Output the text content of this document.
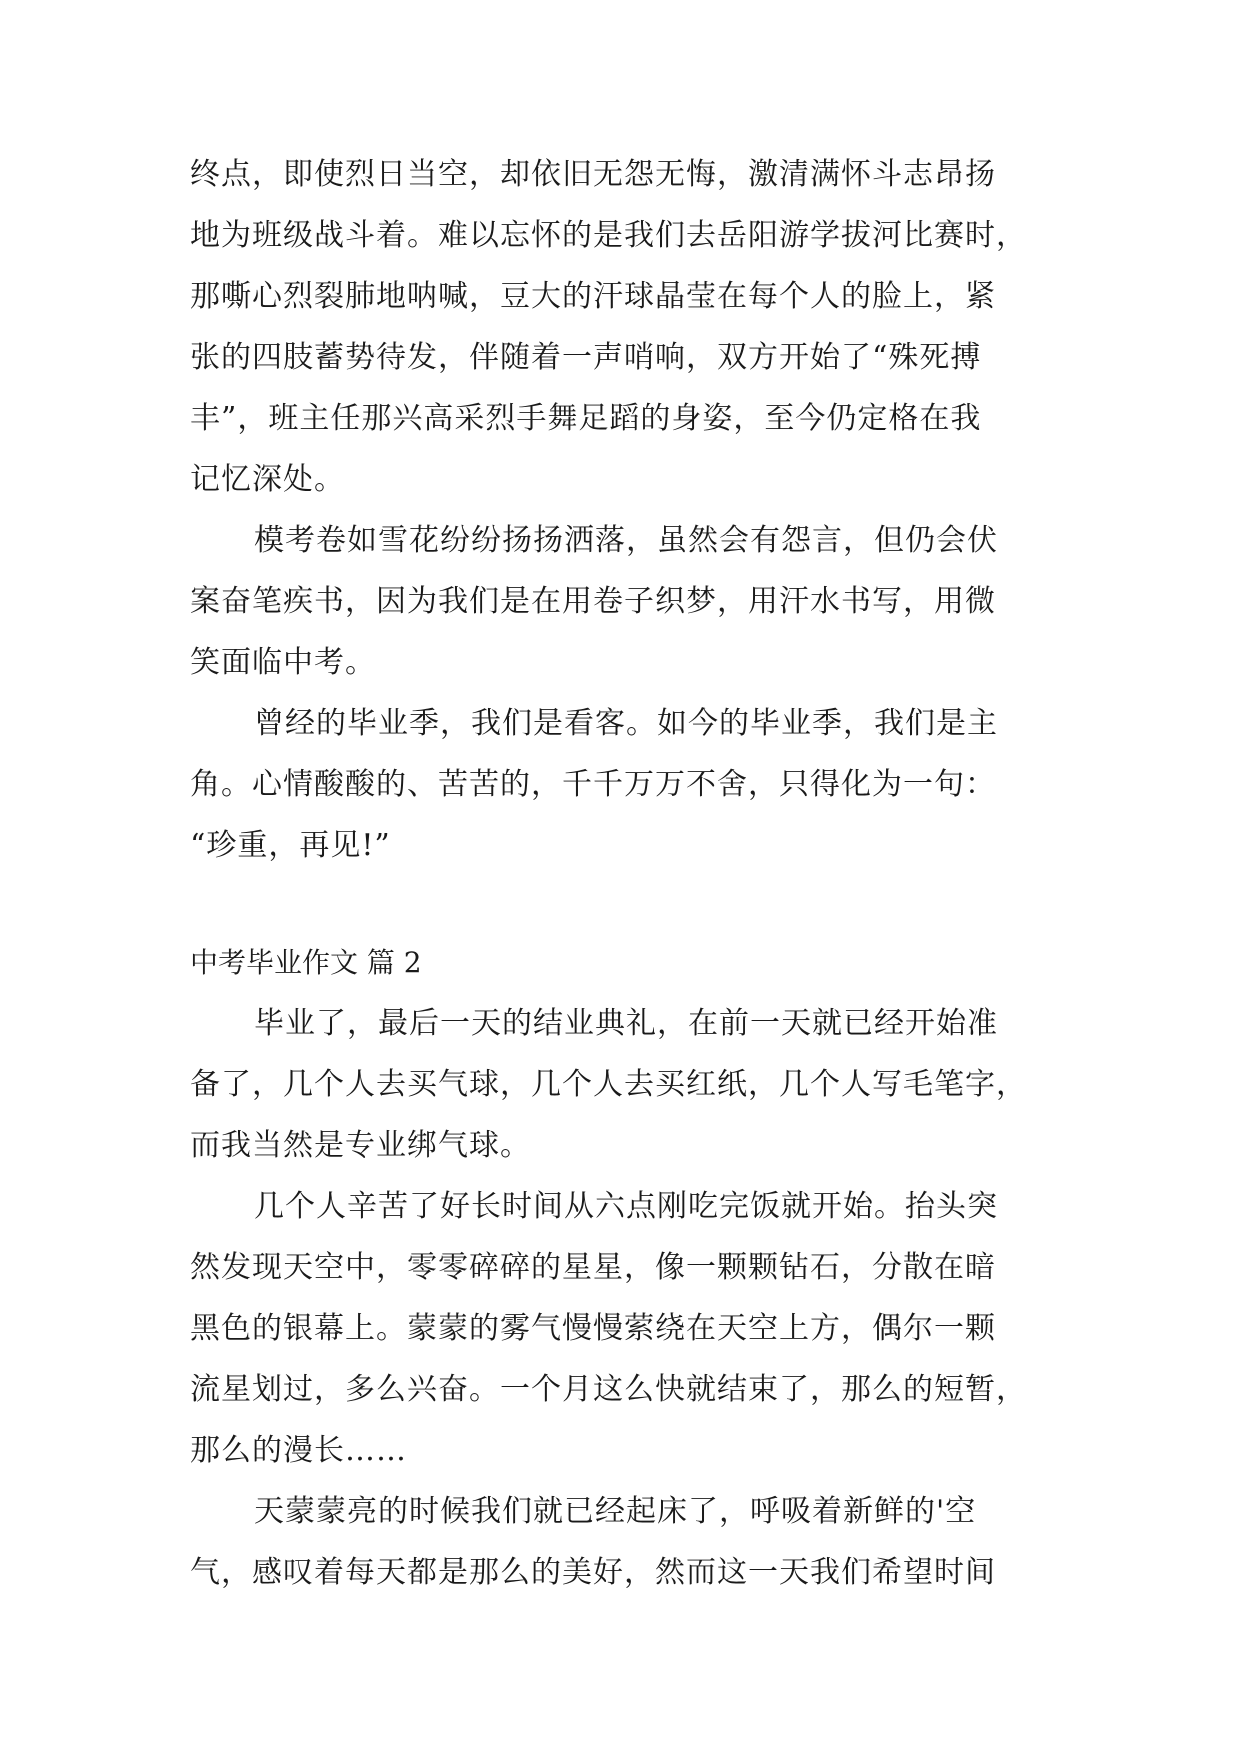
终点，即使烈日当空，却依旧无怨无悔，激清满怀斗志昂扬
地为班级战斗着。难以忘怀的是我们去岳阳游学拔河比赛时，
那嘶心烈裂肺地呐喊，豆大的汗球晶莹在每个人的脸上，紧
张的四肢蓄势待发，伴随着一声哨响，双方开始了“殊死搏
丰”，班主任那兴高采烈手舞足蹈的身姿，至今仍定格在我
记忆深处。
模考卷如雪花纷纷扬扬洒落，虽然会有怨言，但仍会伏
案奋笔疾书，因为我们是在用卷子织梦，用汗水书写，用微
笑面临中考。
曾经的毕业季，我们是看客。如今的毕业季，我们是主
角。心情酸酸的、苦苦的，千千万万不舍，只得化为一句：
“珍重，再见!”
中考毕业作文 篇 2
毕业了，最后一天的结业典礼，在前一天就已经开始准
备了，几个人去买气球，几个人去买红纸，几个人写毛笔字，
而我当然是专业绑气球。
几个人辛苦了好长时间从六点刚吃完饭就开始。抬头突
然发现天空中，零零碎碎的星星，像一颗颗钻石，分散在暗
黑色的银幕上。蒙蒙的雾气慢慢萦绕在天空上方，偶尔一颗
流星划过，多么兴奋。一个月这么快就结束了，那么的短暂，
那么的漫长……
天蒙蒙亮的时候我们就已经起床了，呼吸着新鲜的'空
气，感叹着每天都是那么的美好，然而这一天我们希望时间
